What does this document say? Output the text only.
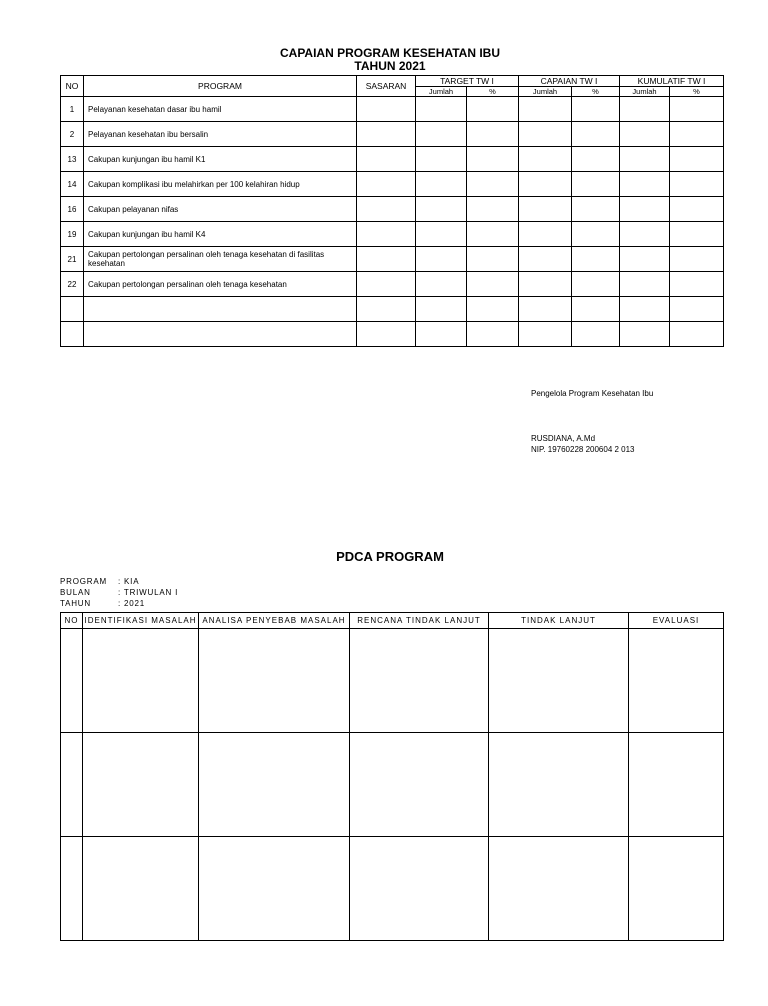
CAPAIAN PROGRAM KESEHATAN IBU
TAHUN 2021
NO	PROGRAM	SASARAN	TARGET TW I		CAPAIAN TW I		KUMULATIF TW I	
			Jumlah	%	Jumlah	%	Jumlah	%
1	Pelayanan kesehatan dasar ibu hamil							
2	Pelayanan kesehatan ibu bersalin							
13	Cakupan kunjungan ibu hamil K1							
14	Cakupan komplikasi ibu melahirkan per 100 kelahiran hidup							
16	Cakupan pelayanan nifas							
19	Cakupan kunjungan ibu hamil K4							
21	Cakupan pertolongan persalinan oleh tenaga kesehatan di fasilitas kesehatan							
22	Cakupan pertolongan persalinan oleh tenaga kesehatan							

Pengelola Program Kesehatan Ibu
RUSDIANA, A.Md
NIP. 19760228 200604 2 013
PDCA PROGRAM
PROGRAM : KIA
BULAN	: TRIWULAN I
TAHUN	: 2021
NO	IDENTIFIKASI MASALAH	ANALISA PENYEBAB MASALAH	RENCANA TINDAK LANJUT	TINDAK LANJUT	EVALUASI
